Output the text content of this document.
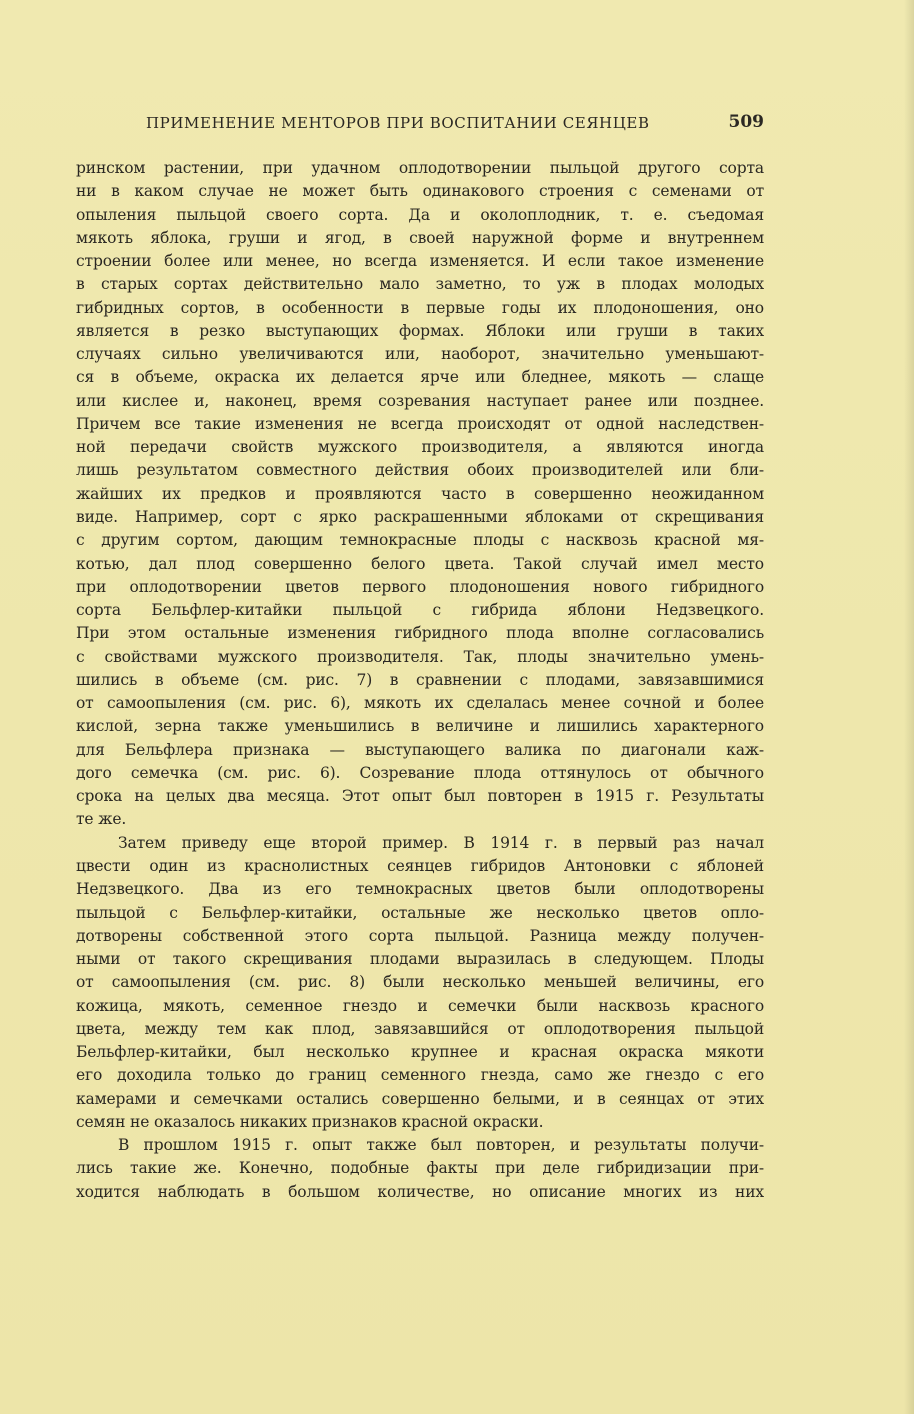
ПРИМЕНЕНИЕ МЕНТОРОВ ПРИ ВОСПИТАНИИ СЕЯНЦЕВ	509
ринском растении, при удачном оплодотворении пыльцой другого сорта
ни в каком случае не может быть одинакового строения с семенами от
опыления пыльцой своего сорта. Да и околоплодник, т. е. съедомая
мякоть яблока, груши и ягод, в своей наружной форме и внутреннем
строении более или менее, но всегда изменяется. И если такое изменение
в старых сортах действительно мало заметно, то уж в плодах молодых
гибридных сортов, в особенности в первые годы их плодоношения, оно
является в резко выступающих формах. Яблоки или груши в таких
случаях сильно увеличиваются или, наоборот, значительно уменьшают-
ся в объеме, окраска их делается ярче или бледнее, мякоть — слаще
или кислее и, наконец, время созревания наступает ранее или позднее.
Причем все такие изменения не всегда происходят от одной наследствен-
ной передачи свойств мужского производителя, а являются иногда
лишь результатом совместного действия обоих производителей или бли-
жайших их предков и проявляются часто в совершенно неожиданном
виде. Например, сорт с ярко раскрашенными яблоками от скрещивания
с другим сортом, дающим темнокрасные плоды с насквозь красной мя-
котью, дал плод совершенно белого цвета. Такой случай имел место
при оплодотворении цветов первого плодоношения нового гибридного
сорта Бельфлер-китайки пыльцой с гибрида яблони Недзвецкого.
При этом остальные изменения гибридного плода вполне согласовались
с свойствами мужского производителя. Так, плоды значительно умень-
шились в объеме (см. рис. 7) в сравнении с плодами, завязавшимися
от самоопыления (см. рис. 6), мякоть их сделалась менее сочной и более
кислой, зерна также уменьшились в величине и лишились характерного
для Бельфлера признака — выступающего валика по диагонали каж-
дого семечка (см. рис. 6). Созревание плода оттянулось от обычного
срока на целых два месяца. Этот опыт был повторен в 1915 г. Результаты
те же.
Затем приведу еще второй пример. В 1914 г. в первый раз начал
цвести один из краснолистных сеянцев гибридов Антоновки с яблоней
Недзвецкого. Два из его темнокрасных цветов были оплодотворены
пыльцой с Бельфлер-китайки, остальные же несколько цветов опло-
дотворены собственной этого сорта пыльцой. Разница между получен-
ными от такого скрещивания плодами выразилась в следующем. Плоды
от самоопыления (см. рис. 8) были несколько меньшей величины, его
кожица, мякоть, семенное гнездо и семечки были насквозь красного
цвета, между тем как плод, завязавшийся от оплодотворения пыльцой
Бельфлер-китайки, был несколько крупнее и красная окраска мякоти
его доходила только до границ семенного гнезда, само же гнездо с его
камерами и семечками остались совершенно белыми, и в сеянцах от этих
семян не оказалось никаких признаков красной окраски.
В прошлом 1915 г. опыт также был повторен, и результаты получи-
лись такие же. Конечно, подобные факты при деле гибридизации при-
ходится наблюдать в большом количестве, но описание многих из них
